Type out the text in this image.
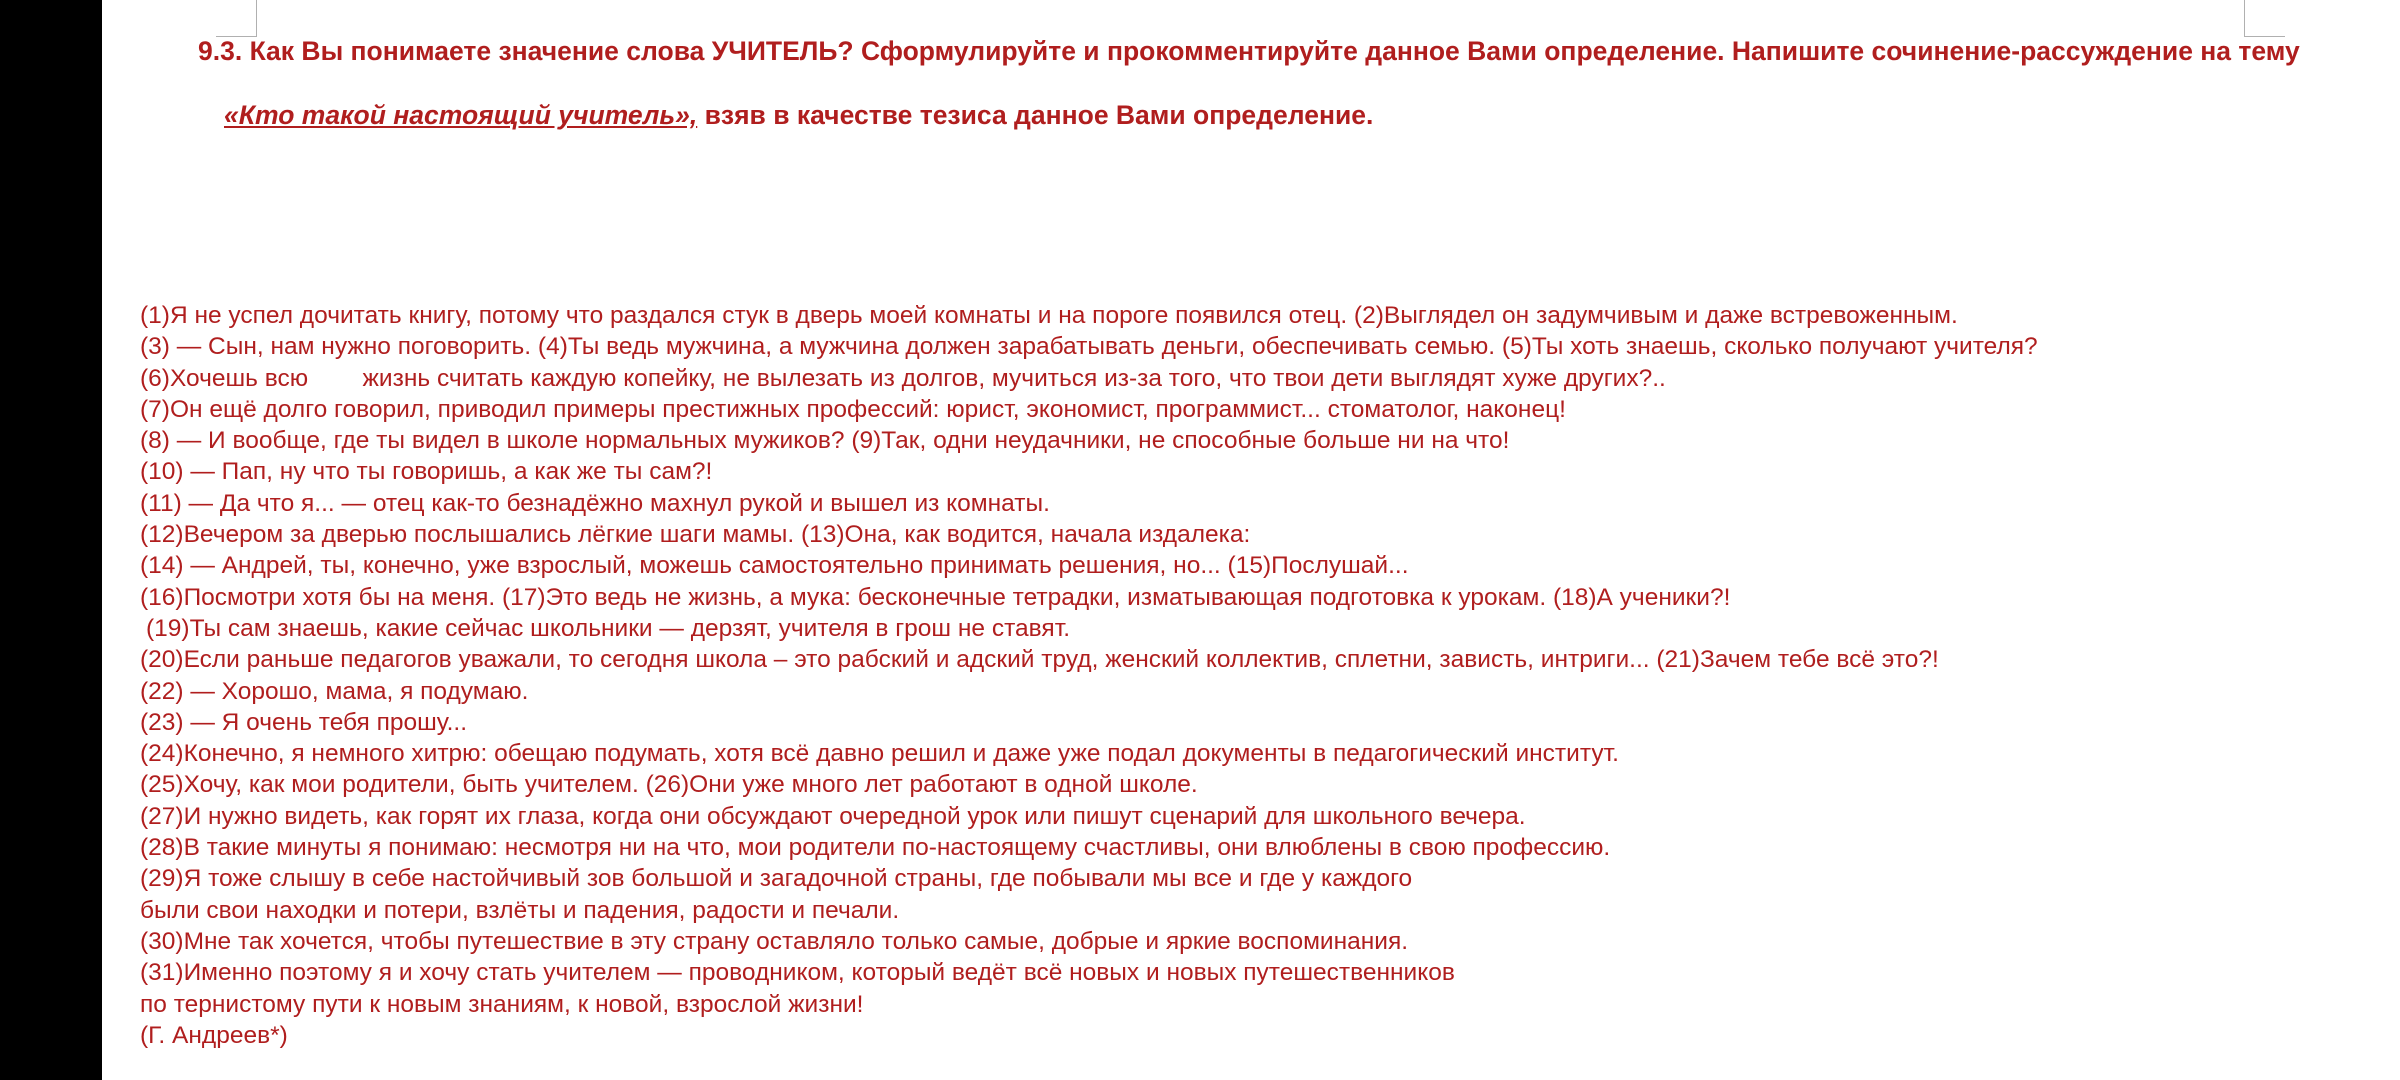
9.3. Как Вы понимаете значение слова УЧИТЕЛЬ? Сформулируйте и прокомментируйте данное Вами определение. Напишите сочинение-рассуждение на тему
«Кто такой настоящий учитель», взяв в качестве тезиса данное Вами определение.
(1)Я не успел дочитать книгу, потому что раздался стук в дверь моей комнаты и на пороге появился отец. (2)Выглядел он задумчивым и даже встревоженным.
(3) — Сын, нам нужно поговорить. (4)Ты ведь мужчина, а мужчина должен зарабатывать деньги, обеспечивать семью. (5)Ты хоть знаешь, сколько получают учителя?
(6)Хочешь всю        жизнь считать каждую копейку, не вылезать из долгов, мучиться из-за того, что твои дети выглядят хуже других?..
(7)Он ещё долго говорил, приводил примеры престижных профессий: юрист, экономист, программист... стоматолог, наконец!
(8) — И вообще, где ты видел в школе нормальных мужиков? (9)Так, одни неудачники, не способные больше ни на что!
(10) — Пап, ну что ты говоришь, а как же ты сам?!
(11) — Да что я... — отец как-то безнадёжно махнул рукой и вышел из комнаты.
(12)Вечером за дверью послышались лёгкие шаги мамы. (13)Она, как водится, начала издалека:
(14) — Андрей, ты, конечно, уже взрослый, можешь самостоятельно принимать решения, но... (15)Послушай...
(16)Посмотри хотя бы на меня. (17)Это ведь не жизнь, а мука: бесконечные тетрадки, изматывающая подготовка к урокам. (18)А ученики?!
(19)Ты сам знаешь, какие сейчас школьники — дерзят, учителя в грош не ставят.
(20)Если раньше педагогов уважали, то сегодня школа – это рабский и адский труд, женский коллектив, сплетни, зависть, интриги... (21)Зачем тебе всё это?!
(22) — Хорошо, мама, я подумаю.
(23) — Я очень тебя прошу...
(24)Конечно, я немного хитрю: обещаю подумать, хотя всё давно решил и даже уже подал документы в педагогический институт.
(25)Хочу, как мои родители, быть учителем. (26)Они уже много лет работают в одной школе.
(27)И нужно видеть, как горят их глаза, когда они обсуждают очередной урок или пишут сценарий для школьного вечера.
(28)В такие минуты я понимаю: несмотря ни на что, мои родители по-настоящему счастливы, они влюблены в свою профессию.
(29)Я тоже слышу в себе настойчивый зов большой и загадочной страны, где побывали мы все и где у каждого
были свои находки и потери, взлёты и падения, радости и печали.
(30)Мне так хочется, чтобы путешествие в эту страну оставляло только самые, добрые и яркие воспоминания.
(31)Именно поэтому я и хочу стать учителем — проводником, который ведёт всё новых и новых путешественников
по тернистому пути к новым знаниям, к новой, взрослой жизни!
(Г. Андреев*)
